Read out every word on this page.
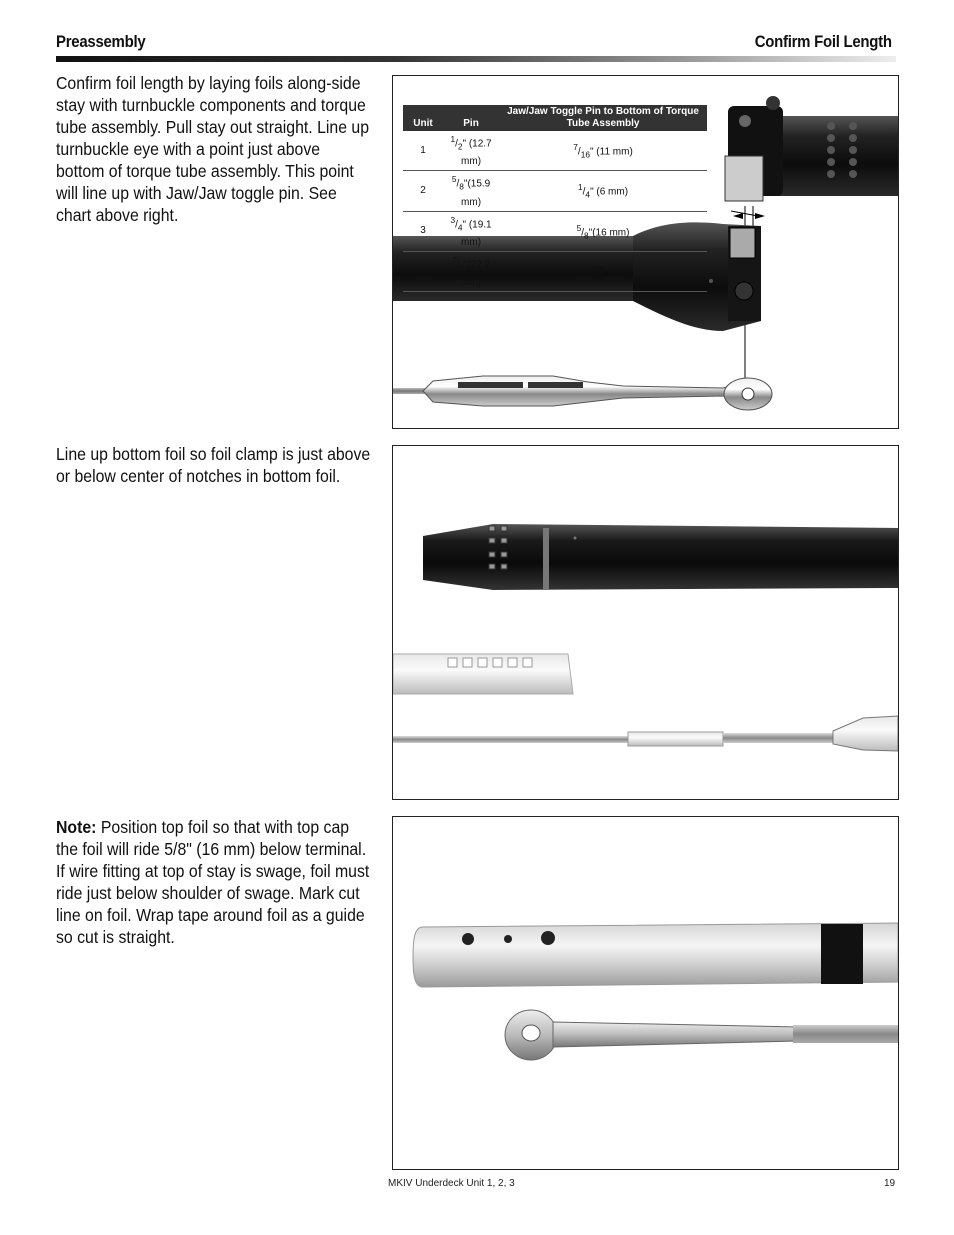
Preassembly	Confirm Foil Length
Confirm foil length by laying foils along-side stay with turnbuckle components and torque tube assembly. Pull stay out straight. Line up turnbuckle eye with a point just above bottom of torque tube assembly. This point will line up with Jaw/Jaw toggle pin. See chart above right.
Line up bottom foil so foil clamp is just above or below center of notches in bottom foil.
Note: Position top foil so that with top cap the foil will ride 5/8" (16 mm) below terminal. If wire fitting at top of stay is swage, foil must ride just below shoulder of swage. Mark cut line on foil. Wrap tape around foil as a guide so cut is straight.
Unit	Pin	Jaw/Jaw Toggle Pin to Bottom of Torque Tube Assembly
1	$^1/_2$" (12.7 mm)	$^7/_{16}$" (11 mm)
2	$^5/_8"(15.9$ mm)	$^1/_4$" (6 mm)
3	$^3/_4$" (19.1 mm)	$^5/_8"(16$ mm)
3	$^7/_8"(22.2$ mm)	1" (25 mm)
MKIV Underdeck Unit 1, 2, 3	19
